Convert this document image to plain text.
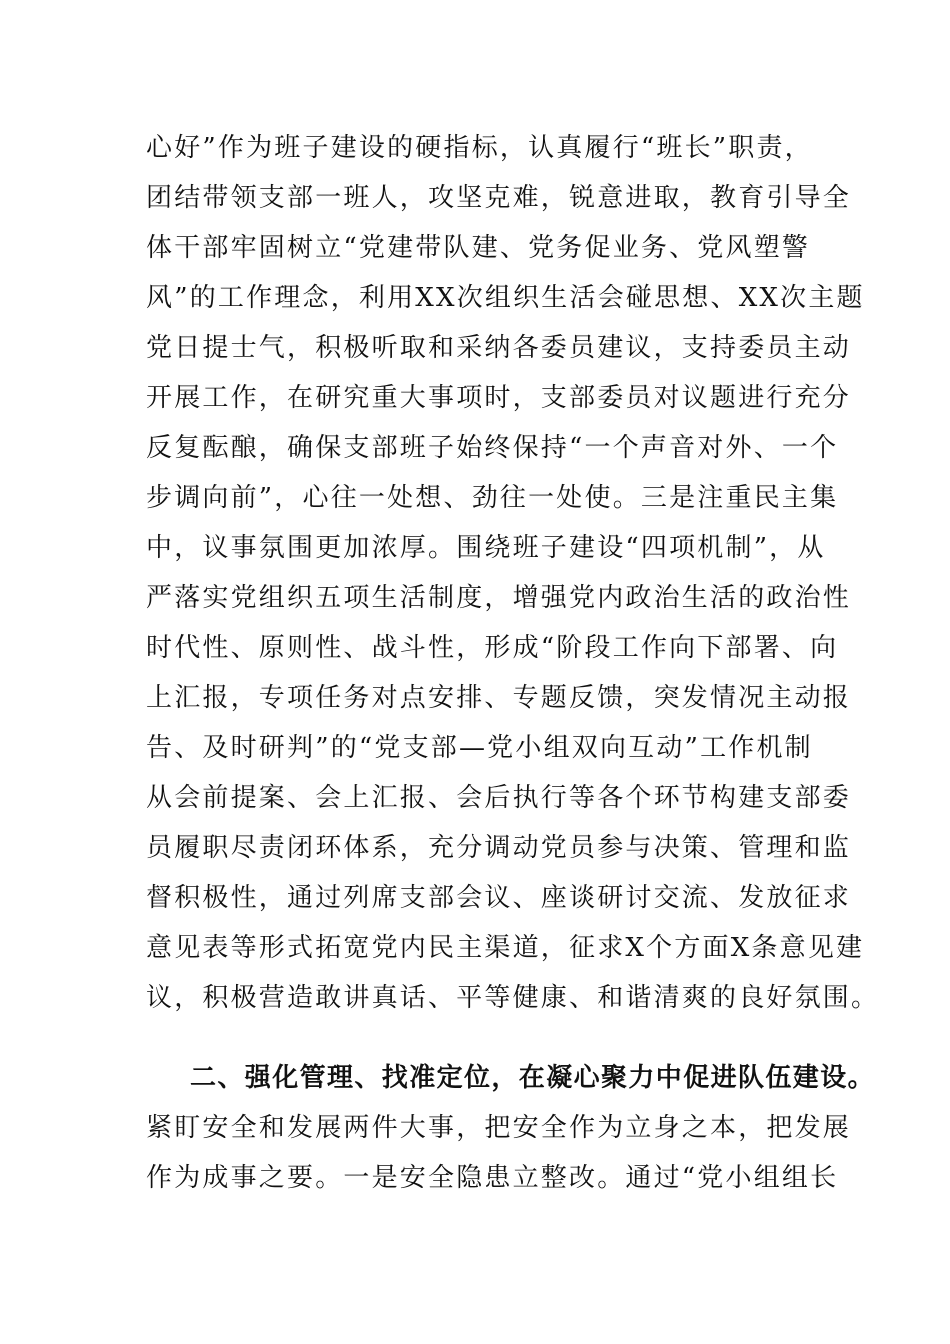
心好”作为班子建设的硬指标，认真履行“班长”职责，
团结带领支部一班人，攻坚克难，锐意进取，教育引导全
体干部牢固树立“党建带队建、党务促业务、党风塑警
风”的工作理念，利用XX次组织生活会碰思想、XX次主题
党日提士气，积极听取和采纳各委员建议，支持委员主动
开展工作，在研究重大事项时，支部委员对议题进行充分
反复酝酿，确保支部班子始终保持“一个声音对外、一个
步调向前”，心往一处想、劲往一处使。三是注重民主集
中，议事氛围更加浓厚。围绕班子建设“四项机制”，从
严落实党组织五项生活制度，增强党内政治生活的政治性
时代性、原则性、战斗性，形成“阶段工作向下部署、向
上汇报，专项任务对点安排、专题反馈，突发情况主动报
告、及时研判”的“党支部—党小组双向互动”工作机制
从会前提案、会上汇报、会后执行等各个环节构建支部委
员履职尽责闭环体系，充分调动党员参与决策、管理和监
督积极性，通过列席支部会议、座谈研讨交流、发放征求
意见表等形式拓宽党内民主渠道，征求X个方面X条意见建
议，积极营造敢讲真话、平等健康、和谐清爽的良好氛围。
二、强化管理、找准定位，在凝心聚力中促进队伍建设。
紧盯安全和发展两件大事，把安全作为立身之本，把发展
作为成事之要。一是安全隐患立整改。通过“党小组组长
